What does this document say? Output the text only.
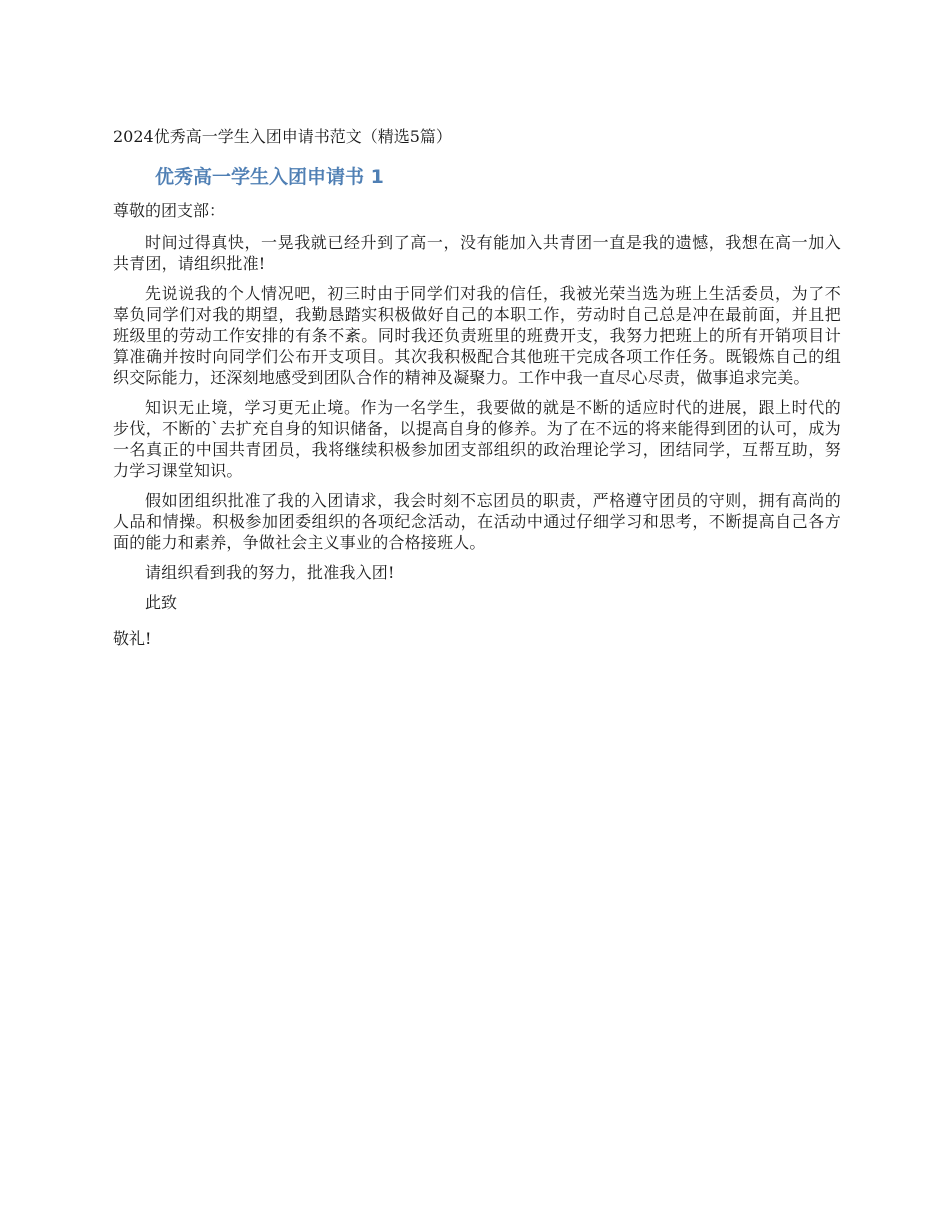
2024优秀高一学生入团申请书范文（精选5篇）

优秀高一学生入团申请书 1

尊敬的团支部：

时间过得真快，一晃我就已经升到了高一，没有能加入共青团一直是我的遗憾，我想在高一加入共青团，请组织批准!

先说说我的个人情况吧，初三时由于同学们对我的信任，我被光荣当选为班上生活委员，为了不辜负同学们对我的期望，我勤恳踏实积极做好自己的本职工作，劳动时自己总是冲在最前面，并且把班级里的劳动工作安排的有条不紊。同时我还负责班里的班费开支，我努力把班上的所有开销项目计算准确并按时向同学们公布开支项目。其次我积极配合其他班干完成各项工作任务。既锻炼自己的组织交际能力，还深刻地感受到团队合作的精神及凝聚力。工作中我一直尽心尽责，做事追求完美。

知识无止境，学习更无止境。作为一名学生，我要做的就是不断的适应时代的进展，跟上时代的步伐，不断的`去扩充自身的知识储备，以提高自身的修养。为了在不远的将来能得到团的认可，成为一名真正的中国共青团员，我将继续积极参加团支部组织的政治理论学习，团结同学，互帮互助，努力学习课堂知识。

假如团组织批准了我的入团请求，我会时刻不忘团员的职责，严格遵守团员的守则，拥有高尚的人品和情操。积极参加团委组织的各项纪念活动，在活动中通过仔细学习和思考，不断提高自己各方面的能力和素养，争做社会主义事业的合格接班人。

请组织看到我的努力，批准我入团!

此致

敬礼!
